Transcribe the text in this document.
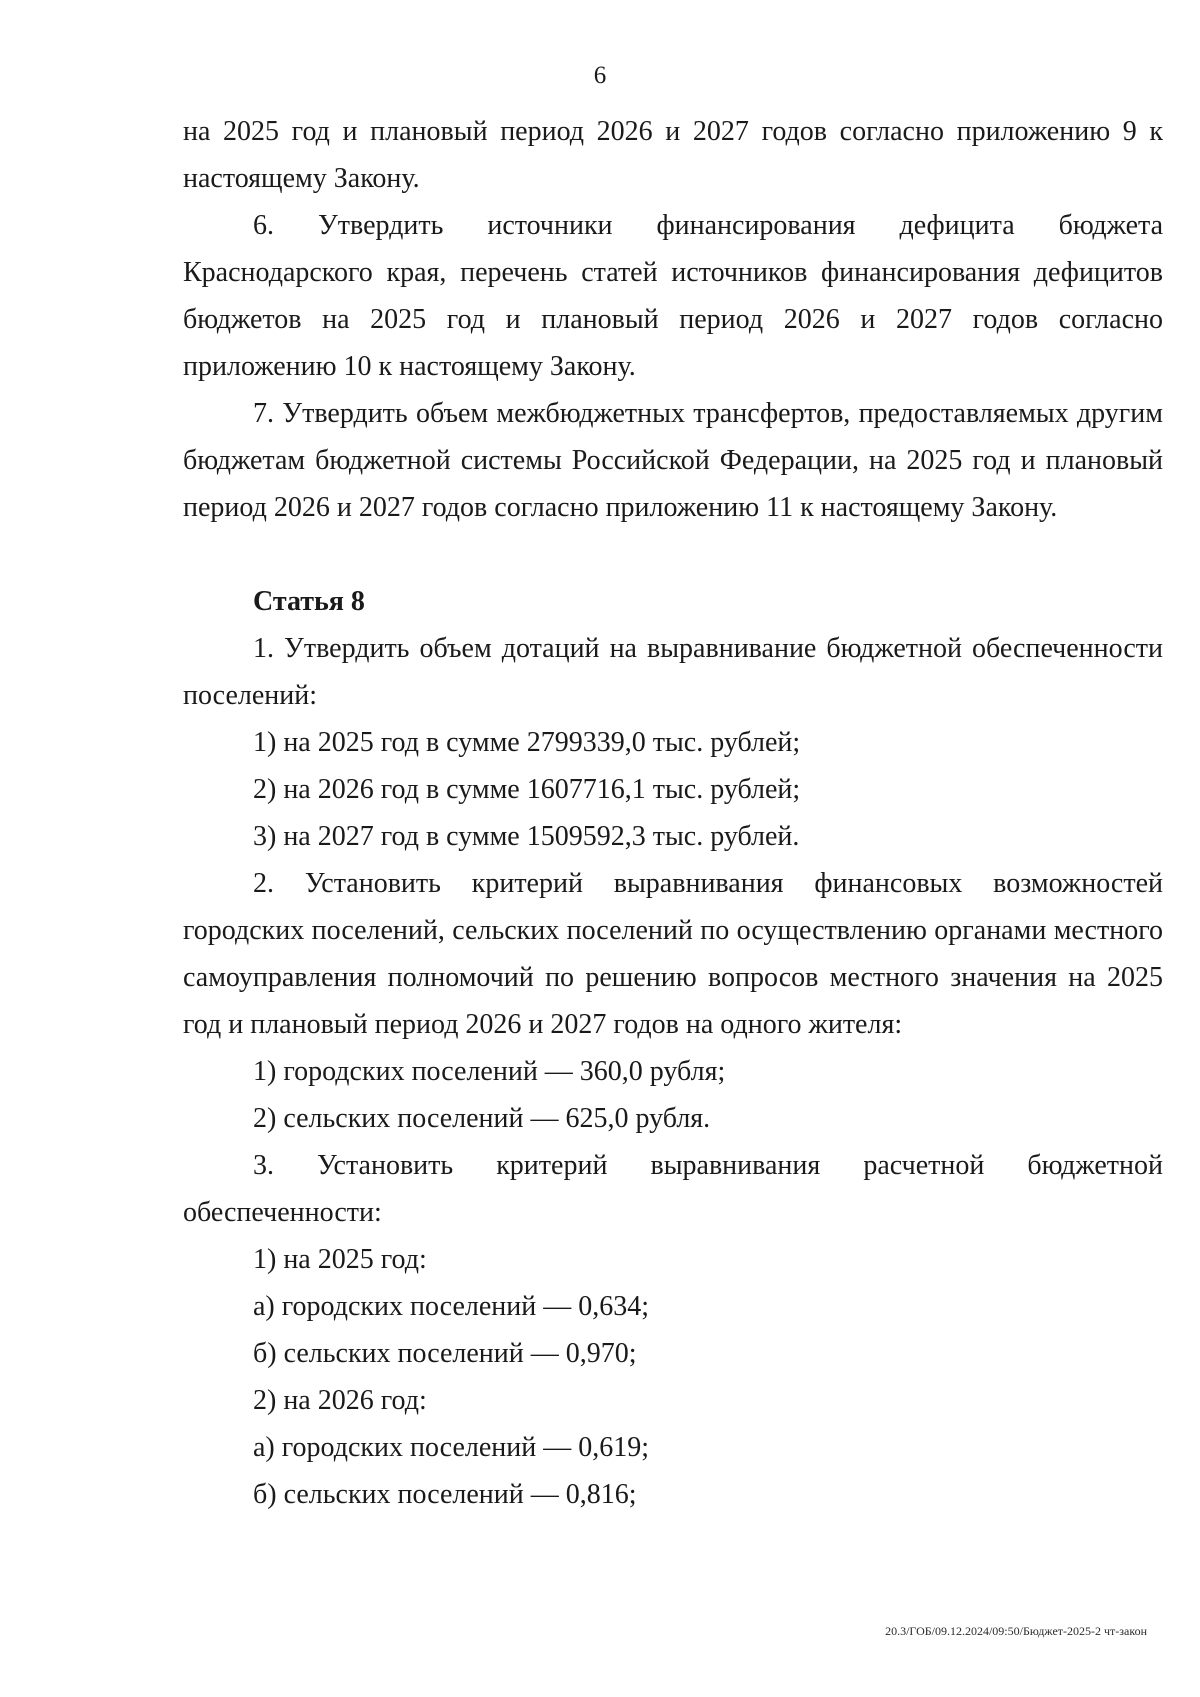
6

на 2025 год и плановый период 2026 и 2027 годов согласно приложению 9 к настоящему Закону.

6. Утвердить источники финансирования дефицита бюджета Краснодарского края, перечень статей источников финансирования дефицитов бюджетов на 2025 год и плановый период 2026 и 2027 годов согласно приложению 10 к настоящему Закону.

7. Утвердить объем межбюджетных трансфертов, предоставляемых другим бюджетам бюджетной системы Российской Федерации, на 2025 год и плановый период 2026 и 2027 годов согласно приложению 11 к настоящему Закону.

Статья 8

1. Утвердить объем дотаций на выравнивание бюджетной обеспеченности поселений:

1) на 2025 год в сумме 2799339,0 тыс. рублей;

2) на 2026 год в сумме 1607716,1 тыс. рублей;

3) на 2027 год в сумме 1509592,3 тыс. рублей.

2. Установить критерий выравнивания финансовых возможностей городских поселений, сельских поселений по осуществлению органами местного самоуправления полномочий по решению вопросов местного значения на 2025 год и плановый период 2026 и 2027 годов на одного жителя:

1) городских поселений — 360,0 рубля;

2) сельских поселений — 625,0 рубля.

3. Установить критерий выравнивания расчетной бюджетной обеспеченности:

1) на 2025 год:

а) городских поселений — 0,634;

б) сельских поселений — 0,970;

2) на 2026 год:

а) городских поселений — 0,619;

б) сельских поселений — 0,816;

20.3/ГОБ/09.12.2024/09:50/Бюджет-2025-2 чт-закон
